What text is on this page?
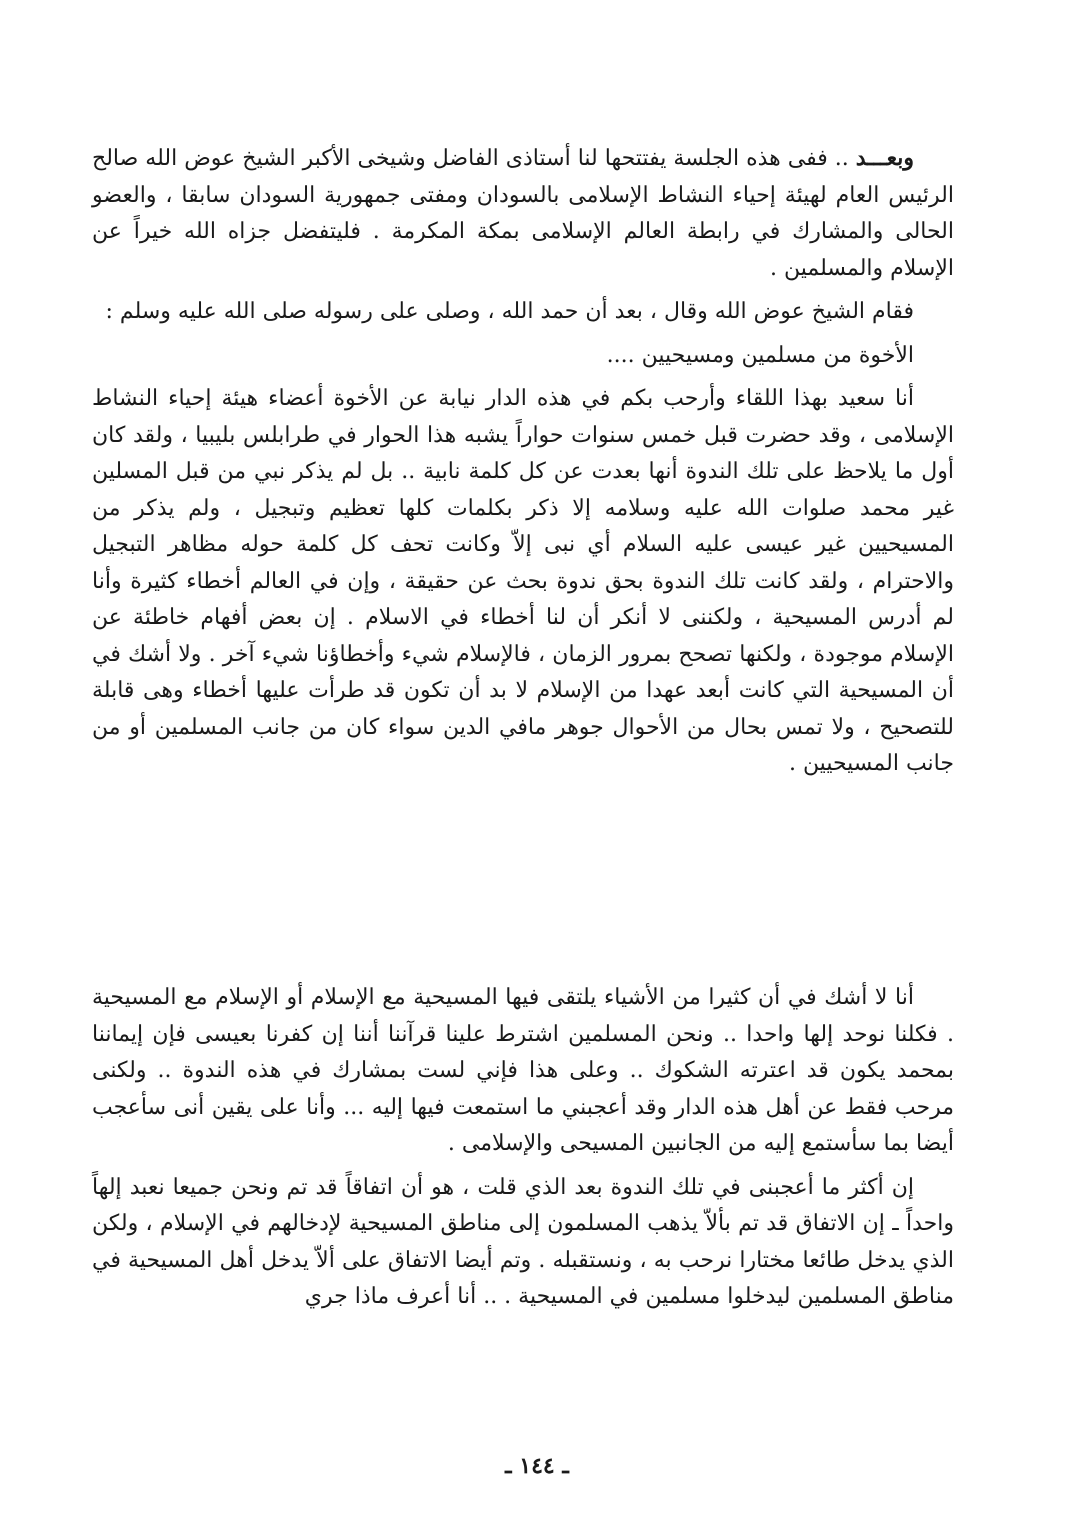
وبعـــد .. ففى هذه الجلسة يفتتحها لنا أستاذى الفاضل وشيخى الأكبر الشيخ عوض الله صالح الرئيس العام لهيئة إحياء النشاط الإسلامى بالسودان ومفتى جمهورية السودان سابقا ، والعضو الحالى والمشارك في رابطة العالم الإسلامى بمكة المكرمة . فليتفضل جزاه الله خيراً عن الإسلام والمسلمين .

فقام الشيخ عوض الله وقال ، بعد أن حمد الله ، وصلى على رسوله صلى الله عليه وسلم :

الأخوة من مسلمين ومسيحيين ....

أنا سعيد بهذا اللقاء وأرحب بكم في هذه الدار نيابة عن الأخوة أعضاء هيئة إحياء النشاط الإسلامى ، وقد حضرت قبل خمس سنوات حواراً يشبه هذا الحوار في طرابلس بليبيا ، ولقد كان أول ما يلاحظ على تلك الندوة أنها بعدت عن كل كلمة نابية .. بل لم يذكر نبي من قبل المسلين غير محمد صلوات الله عليه وسلامه إلا ذكر بكلمات كلها تعظيم وتبجيل ، ولم يذكر من المسيحيين غير عيسى عليه السلام أي نبى إلاّ وكانت تحف كل كلمة حوله مظاهر التبجيل والاحترام ، ولقد كانت تلك الندوة بحق ندوة بحث عن حقيقة ، وإن في العالم أخطاء كثيرة وأنا لم أدرس المسيحية ، ولكننى لا أنكر أن لنا أخطاء في الاسلام . إن بعض أفهام خاطئة عن الإسلام موجودة ، ولكنها تصحح بمرور الزمان ، فالإسلام شيء وأخطاؤنا شيء آخر . ولا أشك في أن المسيحية التي كانت أبعد عهدا من الإسلام لا بد أن تكون قد طرأت عليها أخطاء وهى قابلة للتصحيح ، ولا تمس بحال من الأحوال جوهر مافي الدين سواء كان من جانب المسلمين أو من جانب المسيحيين .

أنا لا أشك في أن كثيرا من الأشياء يلتقى فيها المسيحية مع الإسلام أو الإسلام مع المسيحية . فكلنا نوحد إلها واحدا .. ونحن المسلمين اشترط علينا قرآننا أننا إن كفرنا بعيسى فإن إيماننا بمحمد يكون قد اعترته الشكوك .. وعلى هذا فإني لست بمشارك في هذه الندوة .. ولكنى مرحب فقط عن أهل هذه الدار وقد أعجبني ما استمعت فيها إليه ... وأنا على يقين أنى سأعجب أيضا بما سأستمع إليه من الجانبين المسيحى والإسلامى .

إن أكثر ما أعجبنى في تلك الندوة بعد الذي قلت ، هو أن اتفاقاً قد تم ونحن جميعا نعبد إلهاً واحداً ـ إن الاتفاق قد تم بألاّ يذهب المسلمون إلى مناطق المسيحية لإدخالهم في الإسلام ، ولكن الذي يدخل طائعا مختارا نرحب به ، ونستقبله . وتم أيضا الاتفاق على ألاّ يدخل أهل المسيحية في مناطق المسلمين ليدخلوا مسلمين في المسيحية . .. أنا أعرف ماذا جري

ـ ١٤٤ ـ
